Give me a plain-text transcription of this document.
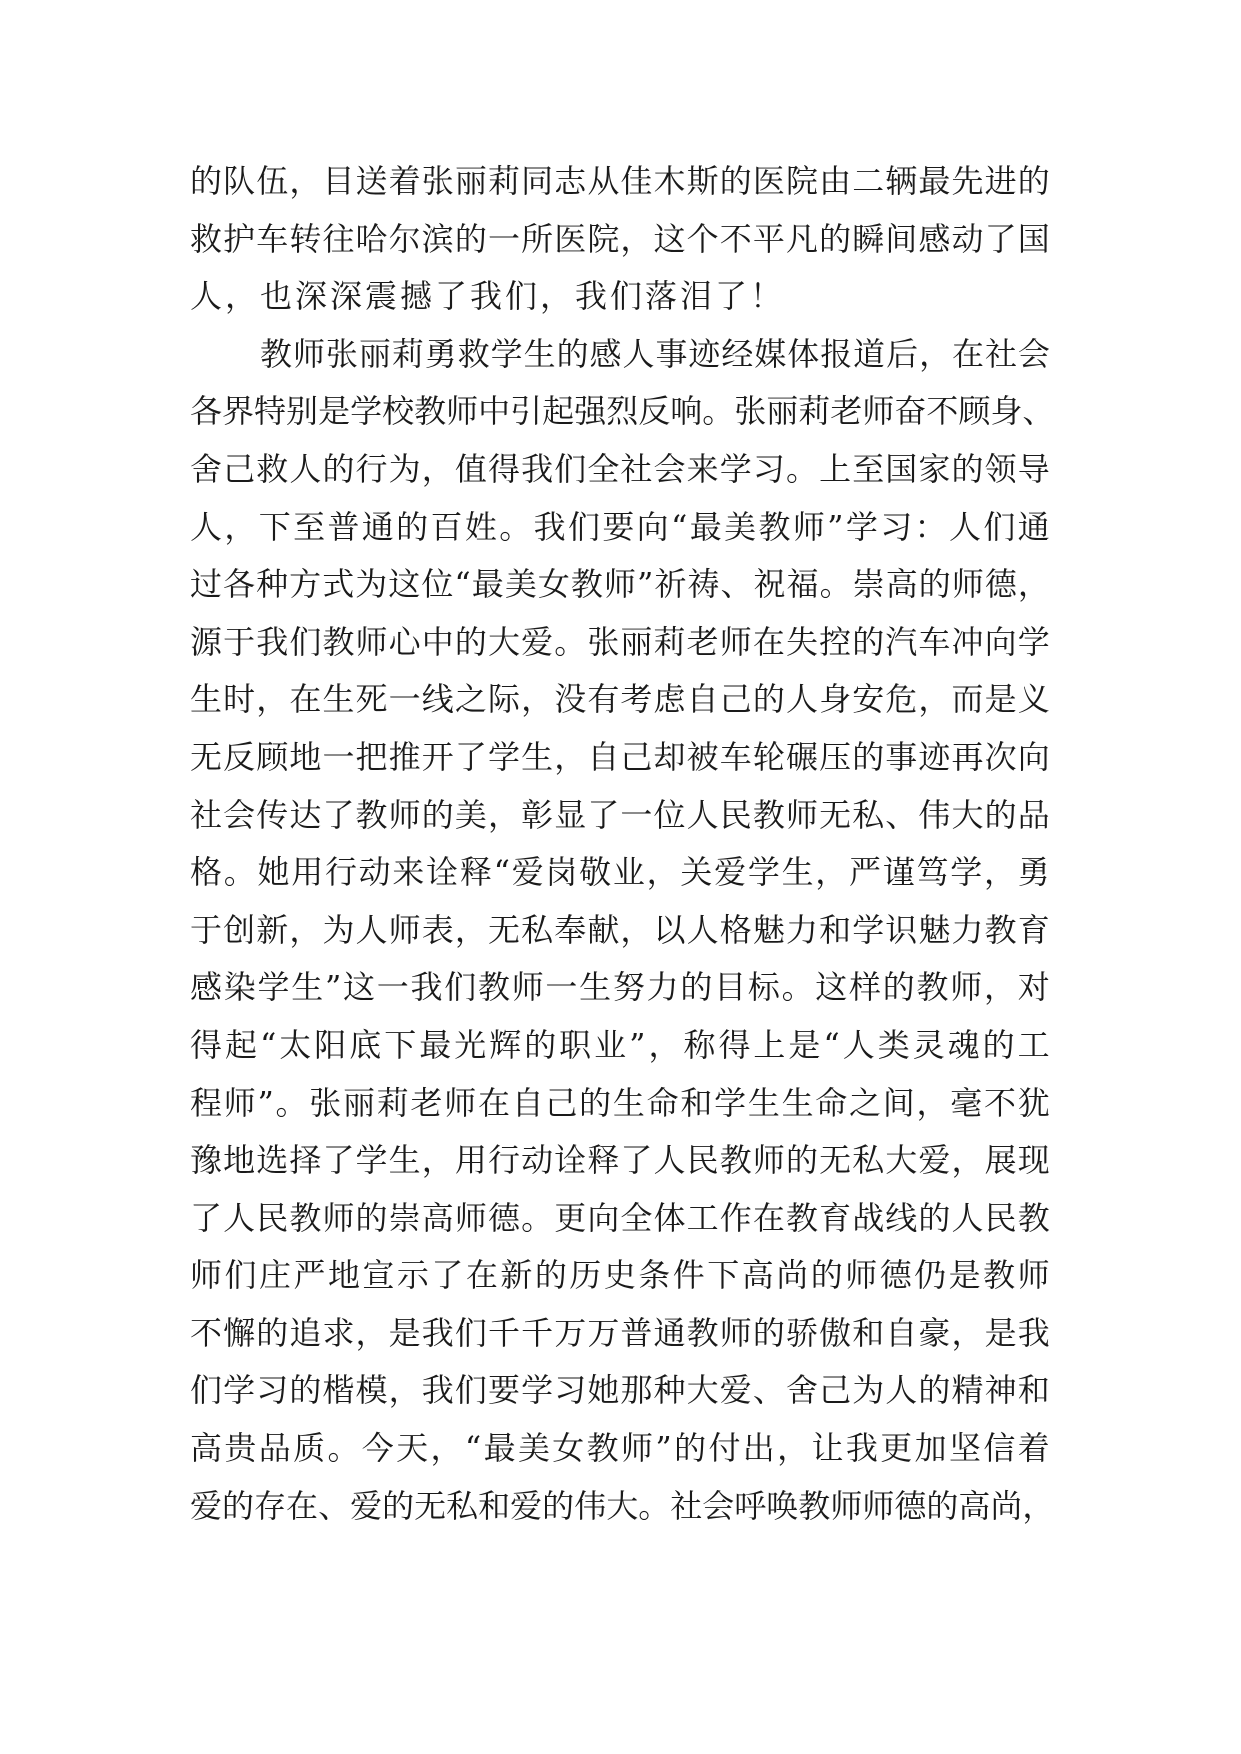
的 队 伍 ， 目 送 着 张 丽 莉 同 志 从 佳 木 斯 的 医 院 由 二 辆 最 先 进 的
救 护 车 转 往 哈 尔 滨 的 一 所 医 院 ， 这 个 不 平 凡 的 瞬 间 感 动 了 国
人，也深深震撼了我们，我们落泪了！
教 师 张 丽 莉 勇 救 学 生 的 感 人 事 迹 经 媒 体 报 道 后 ， 在 社 会
各 界 特 别 是 学 校 教 师 中 引 起 强 烈 反 响 。 张 丽 莉 老 师 奋 不 顾 身 、
舍 己 救 人 的 行 为 ， 值 得 我 们 全 社 会 来 学 习 。 上 至 国 家 的 领 导
人 ， 下 至 普 通 的 百 姓 。 我 们 要 向 “ 最 美 教 师 ” 学 习 ： 人 们 通
过 各 种 方 式 为 这 位 “ 最 美 女 教 师 ” 祈 祷 、 祝 福 。 崇 高 的 师 德 ，
源 于 我 们 教 师 心 中 的 大 爱 。 张 丽 莉 老 师 在 失 控 的 汽 车 冲 向 学
生 时 ， 在 生 死 一 线 之 际 ， 没 有 考 虑 自 己 的 人 身 安 危 ， 而 是 义
无 反 顾 地 一 把 推 开 了 学 生 ， 自 己 却 被 车 轮 碾 压 的 事 迹 再 次 向
社 会 传 达 了 教 师 的 美 ， 彰 显 了 一 位 人 民 教 师 无 私 、 伟 大 的 品
格 。 她 用 行 动 来 诠 释 “ 爱 岗 敬 业 ， 关 爱 学 生 ， 严 谨 笃 学 ， 勇
于 创 新 ， 为 人 师 表 ， 无 私 奉 献 ， 以 人 格 魅 力 和 学 识 魅 力 教 育
感 染 学 生 ” 这 一 我 们 教 师 一 生 努 力 的 目 标 。 这 样 的 教 师 ， 对
得 起 “ 太 阳 底 下 最 光 辉 的 职 业 ” ， 称 得 上 是 “ 人 类 灵 魂 的 工
程 师 ” 。 张 丽 莉 老 师 在 自 己 的 生 命 和 学 生 生 命 之 间 ， 毫 不 犹
豫 地 选 择 了 学 生 ， 用 行 动 诠 释 了 人 民 教 师 的 无 私 大 爱 ， 展 现
了 人 民 教 师 的 崇 高 师 德 。 更 向 全 体 工 作 在 教 育 战 线 的 人 民 教
师 们 庄 严 地 宣 示 了 在 新 的 历 史 条 件 下 高 尚 的 师 德 仍 是 教 师
不 懈 的 追 求 ， 是 我 们 千 千 万 万 普 通 教 师 的 骄 傲 和 自 豪 ， 是 我
们 学 习 的 楷 模 ， 我 们 要 学 习 她 那 种 大 爱 、 舍 己 为 人 的 精 神 和
高 贵 品 质 。 今 天 ， “ 最 美 女 教 师 ” 的 付 出 ， 让 我 更 加 坚 信 着
爱 的 存 在 、 爱 的 无 私 和 爱 的 伟 大 。 社 会 呼 唤 教 师 师 德 的 高 尚 ，
